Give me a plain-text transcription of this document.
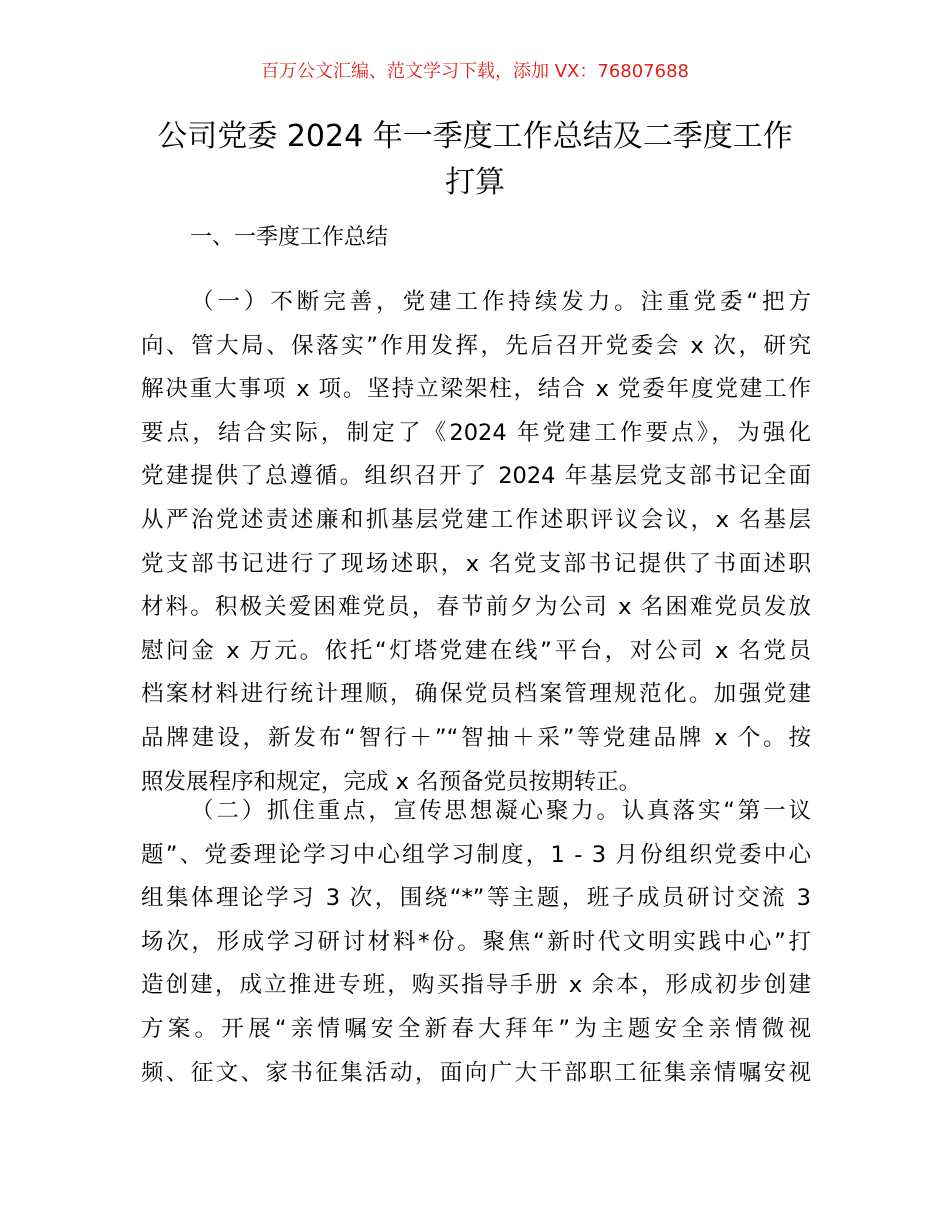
百万公文汇编、范文学习下载，添加 VX：76807688
公司党委 2024 年一季度工作总结及二季度工作
打算
一、一季度工作总结
（一）不断完善，党建工作持续发力。注重党委“把方
向、管大局、保落实”作用发挥，先后召开党委会 x 次，研究
解决重大事项 x 项。坚持立梁架柱，结合 x 党委年度党建工作
要点，结合实际，制定了《2024 年党建工作要点》，为强化
党建提供了总遵循。组织召开了 2024 年基层党支部书记全面
从严治党述责述廉和抓基层党建工作述职评议会议，x 名基层
党支部书记进行了现场述职，x 名党支部书记提供了书面述职
材料。积极关爱困难党员，春节前夕为公司 x 名困难党员发放
慰问金 x 万元。依托“灯塔党建在线”平台，对公司 x 名党员
档案材料进行统计理顺，确保党员档案管理规范化。加强党建
品牌建设，新发布“智行＋”“智抽＋采”等党建品牌 x 个。按
照发展程序和规定，完成 x 名预备党员按期转正。
（二）抓住重点，宣传思想凝心聚力。认真落实“第一议
题”、党委理论学习中心组学习制度，1 - 3 月份组织党委中心
组集体理论学习 3 次，围绕“*”等主题，班子成员研讨交流 3
场次，形成学习研讨材料*份。聚焦“新时代文明实践中心”打
造创建，成立推进专班，购买指导手册 x 余本，形成初步创建
方案。开展“亲情嘱安全新春大拜年”为主题安全亲情微视
频、征文、家书征集活动，面向广大干部职工征集亲情嘱安视
